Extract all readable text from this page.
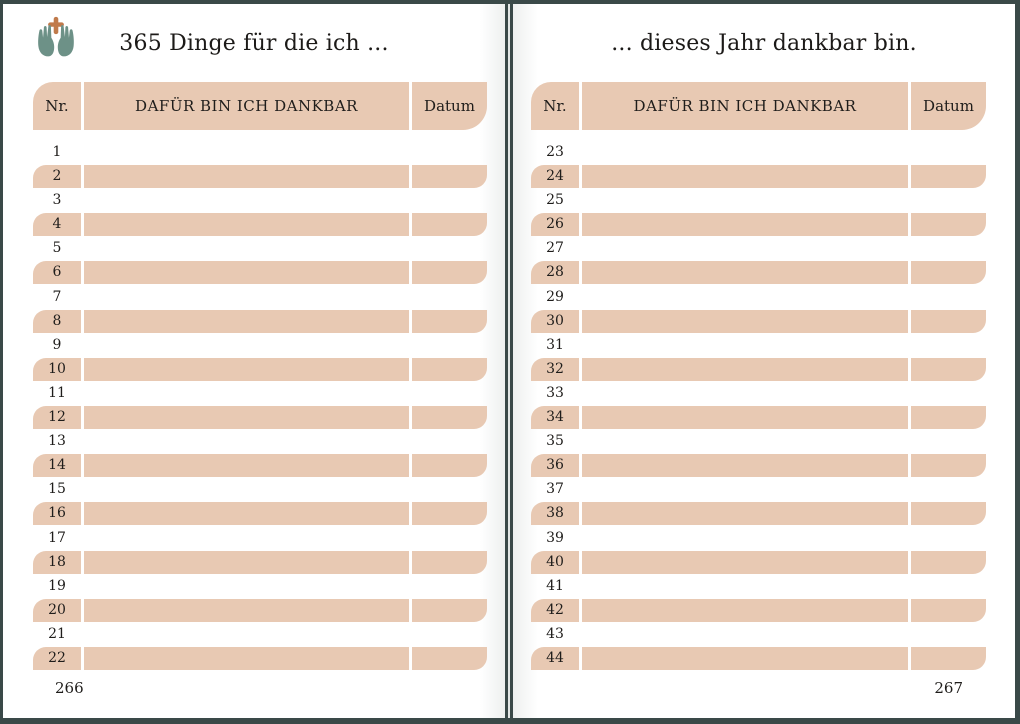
365 Dinge für die ich ...
Nr.	DAFÜR BIN ICH DANKBAR	Datum
1
2
3
4
5
6
7
8
9
10
11
12
13
14
15
16
17
18
19
20
21
22
266
... dieses Jahr dankbar bin.
Nr.	DAFÜR BIN ICH DANKBAR	Datum
23
24
25
26
27
28
29
30
31
32
33
34
35
36
37
38
39
40
41
42
43
44
267
